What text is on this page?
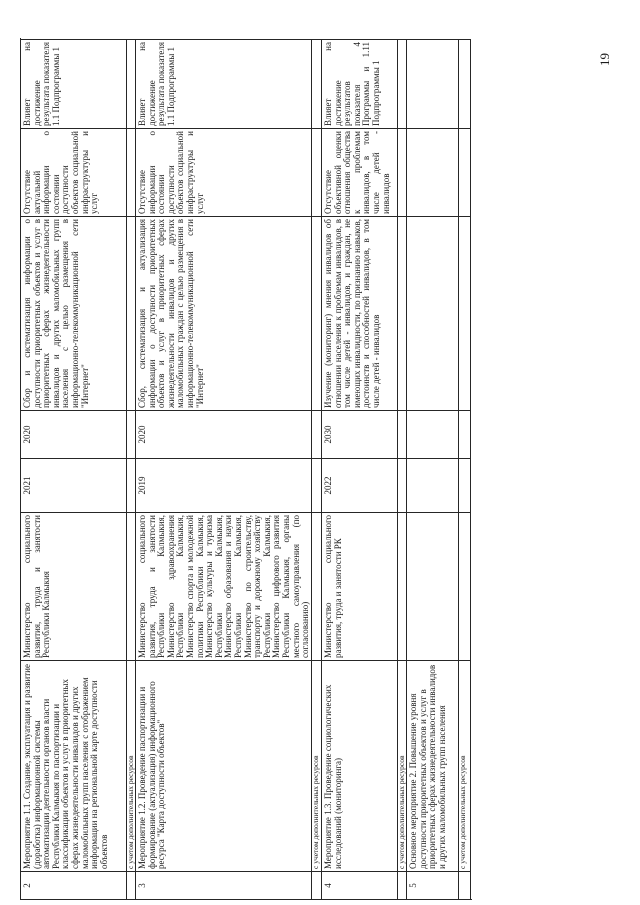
2
Мероприятие 1.1. Создание, эксплуатация и развитие (доработка) информационной системы автоматизации деятельности органов власти Республики Калмыкия по паспортизации и классификации объектов и услуг в приоритетных сферах жизнедеятельности инвалидов и других маломобильных групп населения с отображением информации на региональной карте доступности объектов
Министерство социального развития, труда и занятости Республики Калмыкия
2021
2020
Сбор и систематизация информации о доступности приоритетных объектов и услуг в приоритетных сферах жизнедеятельности инвалидов и других маломобильных групп населения с целью размещения в информационно-телекоммуникационной сети "Интернет"
Отсутствие актуальной информации о состоянии доступности объектов социальной инфраструктуры и услуг
Влияет на достижение результата показателя 1.1 Подпрограммы 1
с учетом дополнительных ресурсов
3
Мероприятие 1.2. Проведение паспортизации и формирование (актуализация) информационного ресурса "Карта доступности объектов"
Министерство социального развития, труда и занятости Республики Калмыкия, Министерство здравоохранения Республики Калмыкия, Министерство спорта и молодежной политики Республики Калмыкия, Министерство культуры и туризма Республики Калмыкия, Министерство образования и науки Республики Калмыкия, Министерство по строительству, транспорту и дорожному хозяйству Республики Калмыкия, Министерство цифрового развития Республики Калмыкия, органы местного самоуправления (по согласованию)
2019
2020
Сбор, систематизация и актуализация информации о доступности приоритетных объектов и услуг в приоритетных сферах жизнедеятельности инвалидов и других маломобильных граждан с целью размещения в информационно-телекоммуникационной сети "Интернет"
Отсутствие информации о состоянии доступности объектов социальной инфраструктуры и услуг
Влияет на достижение результата показателя 1.1 Подпрограммы 1
с учетом дополнительных ресурсов
4
Мероприятие 1.3. Проведение социологических исследований (мониторинга)
Министерство социального развития, труда и занятости РК
2022
2030
Изучение (мониторинг) мнения инвалидов об отношении населения к проблемам инвалидов, в том числе детей - инвалидов, и граждан, не имеющих инвалидности, по признанию навыков, достоинств и способностей инвалидов, в том числе детей - инвалидов
Отсутствие объективной оценки отношения общества к проблемам инвалидов, в том числе детей - инвалидов
Влияет на достижение результатов показателя 4 Программы и 1.11 Подпрограммы 1
с учетом дополнительных ресурсов
5
Основное мероприятие 2. Повышение уровня доступности приоритетных объектов и услуг в приоритетных сферах жизнедеятельности инвалидов и других маломобильных групп населения	с учетом дополнительных ресурсов
19
